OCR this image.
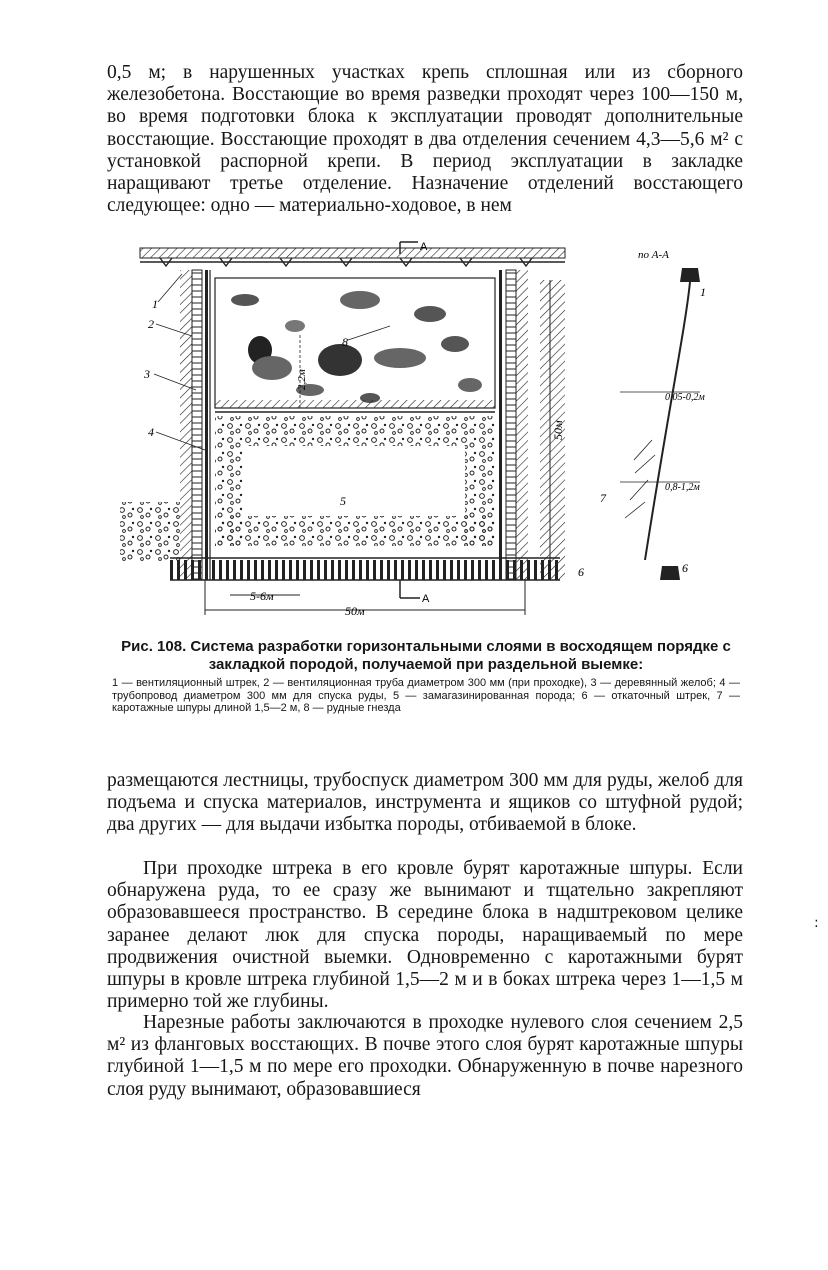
0,5 м; в нарушенных участках крепь сплошная или из сборного железобетона. Восстающие во время разведки проходят через 100—150 м, во время подготовки блока к эксплуатации проводят дополнительные восстающие. Восстающие проходят в два отделения сечением 4,3—5,6 м² с установкой распорной крепи. В период эксплуатации в закладке наращивают третье отделение. Назначение отделений восстающего следующее: одно — материально-ходовое, в нем

А
2,2м
50м
5-6м
50м
А
1
2
3
4
5
6
8
по А-А
0,05-0,2м
0,8-1,2м
1
7
6

Рис. 108. Система разработки горизонтальными слоями в восходящем порядке с закладкой породой, получаемой при раздельной выемке:

1 — вентиляционный штрек, 2 — вентиляционная труба диаметром 300 мм (при проходке), 3 — деревянный желоб; 4 — трубопровод диаметром 300 мм для спуска руды, 5 — замагазинированная порода; 6 — откаточный штрек, 7 — каротажные шпуры длиной 1,5—2 м, 8 — рудные гнезда

размещаются лестницы, трубоспуск диаметром 300 мм для руды, желоб для подъема и спуска материалов, инструмента и ящиков со штуфной рудой; два других — для выдачи избытка породы, отбиваемой в блоке.

При проходке штрека в его кровле бурят каротажные шпуры. Если обнаружена руда, то ее сразу же вынимают и тщательно закрепляют образовавшееся пространство. В середине блока в надштрековом целике заранее делают люк для спуска породы, наращиваемый по мере продвижения очистной выемки. Одновременно с каротажными бурят шпуры в кровле штрека глубиной 1,5—2 м и в боках штрека через 1—1,5 м примерно той же глубины.

Нарезные работы заключаются в проходке нулевого слоя сечением 2,5 м² из фланговых восстающих. В почве этого слоя бурят каротажные шпуры глубиной 1—1,5 м по мере его проходки. Обнаруженную в почве нарезного слоя руду вынимают, образовавшиеся

:
